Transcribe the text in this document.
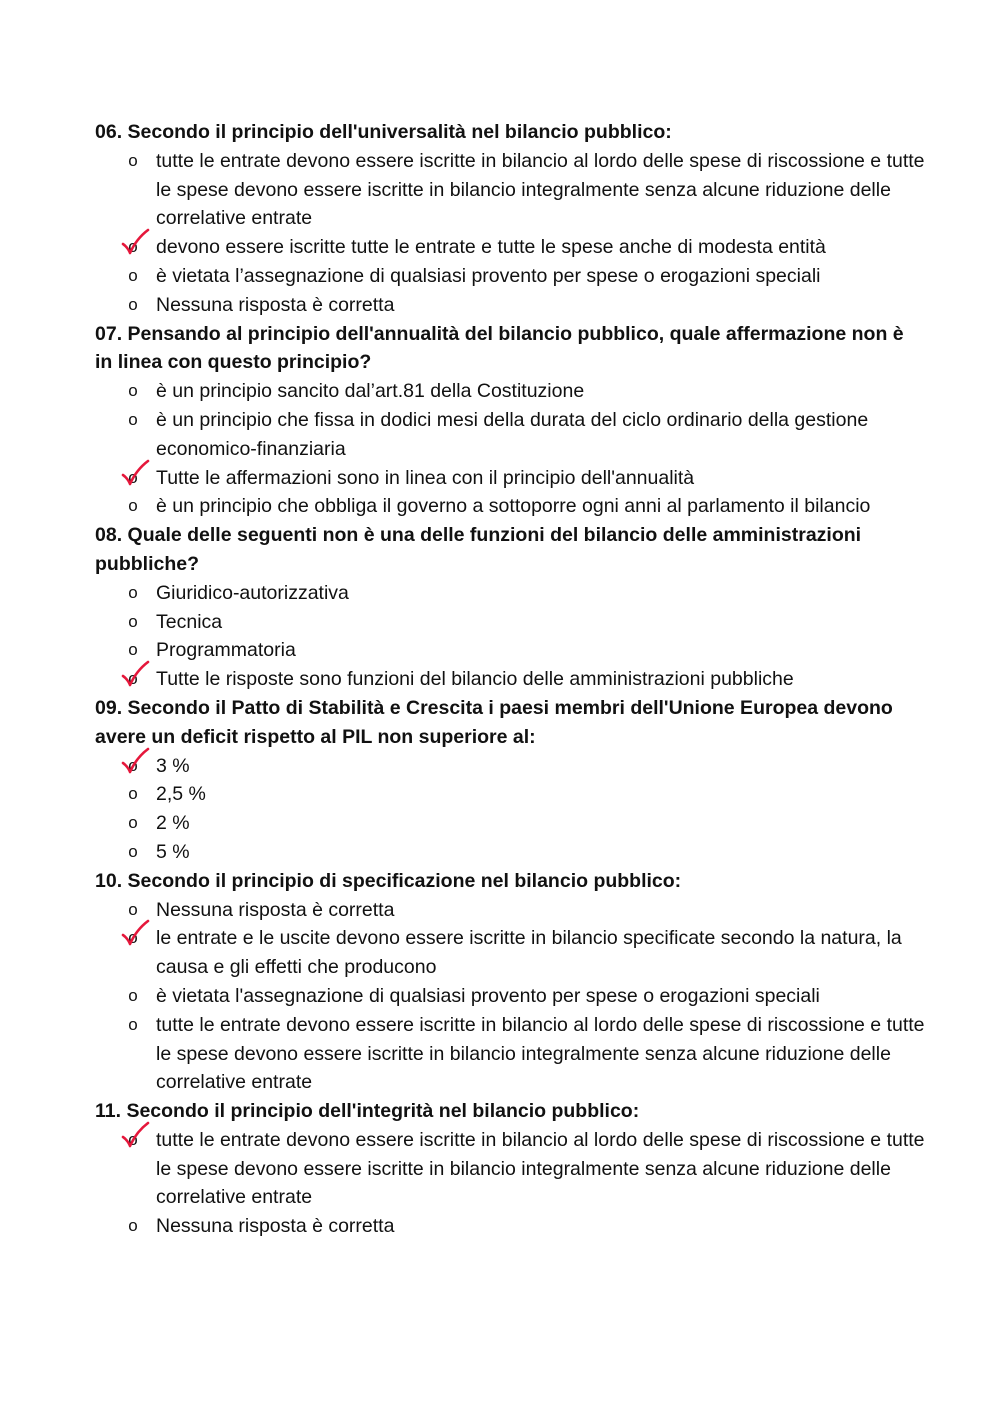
06. Secondo il principio dell'universalità nel bilancio pubblico:

o tutte le entrate devono essere iscritte in bilancio al lordo delle spese di riscossione e tutte le spese devono essere iscritte in bilancio integralmente senza alcune riduzione delle correlative entrate
o devono essere iscritte tutte le entrate e tutte le spese anche di modesta entità
o è vietata l’assegnazione di qualsiasi provento per spese o erogazioni speciali
o Nessuna risposta è corretta

07. Pensando al principio dell'annualità del bilancio pubblico, quale affermazione non è in linea con questo principio?

o è un principio sancito dal’art.81 della Costituzione
o è un principio che fissa in dodici mesi della durata del ciclo ordinario della gestione economico-finanziaria
o Tutte le affermazioni sono in linea con il principio dell'annualità
o è un principio che obbliga il governo a sottoporre ogni anni al parlamento il bilancio

08. Quale delle seguenti non è una delle funzioni del bilancio delle amministrazioni pubbliche?

o Giuridico-autorizzativa
o Tecnica
o Programmatoria
o Tutte le risposte sono funzioni del bilancio delle amministrazioni pubbliche

09. Secondo il Patto di Stabilità e Crescita i paesi membri dell'Unione Europea devono avere un deficit rispetto al PIL non superiore al:

o 3 %
o 2,5 %
o 2 %
o 5 %

10. Secondo il principio di specificazione nel bilancio pubblico:

o Nessuna risposta è corretta
o le entrate e le uscite devono essere iscritte in bilancio specificate secondo la natura, la causa e gli effetti che producono
o è vietata l'assegnazione di qualsiasi provento per spese o erogazioni speciali
o tutte le entrate devono essere iscritte in bilancio al lordo delle spese di riscossione e tutte le spese devono essere iscritte in bilancio integralmente senza alcune riduzione delle correlative entrate

11. Secondo il principio dell'integrità nel bilancio pubblico:

o tutte le entrate devono essere iscritte in bilancio al lordo delle spese di riscossione e tutte le spese devono essere iscritte in bilancio integralmente senza alcune riduzione delle correlative entrate
o Nessuna risposta è corretta
